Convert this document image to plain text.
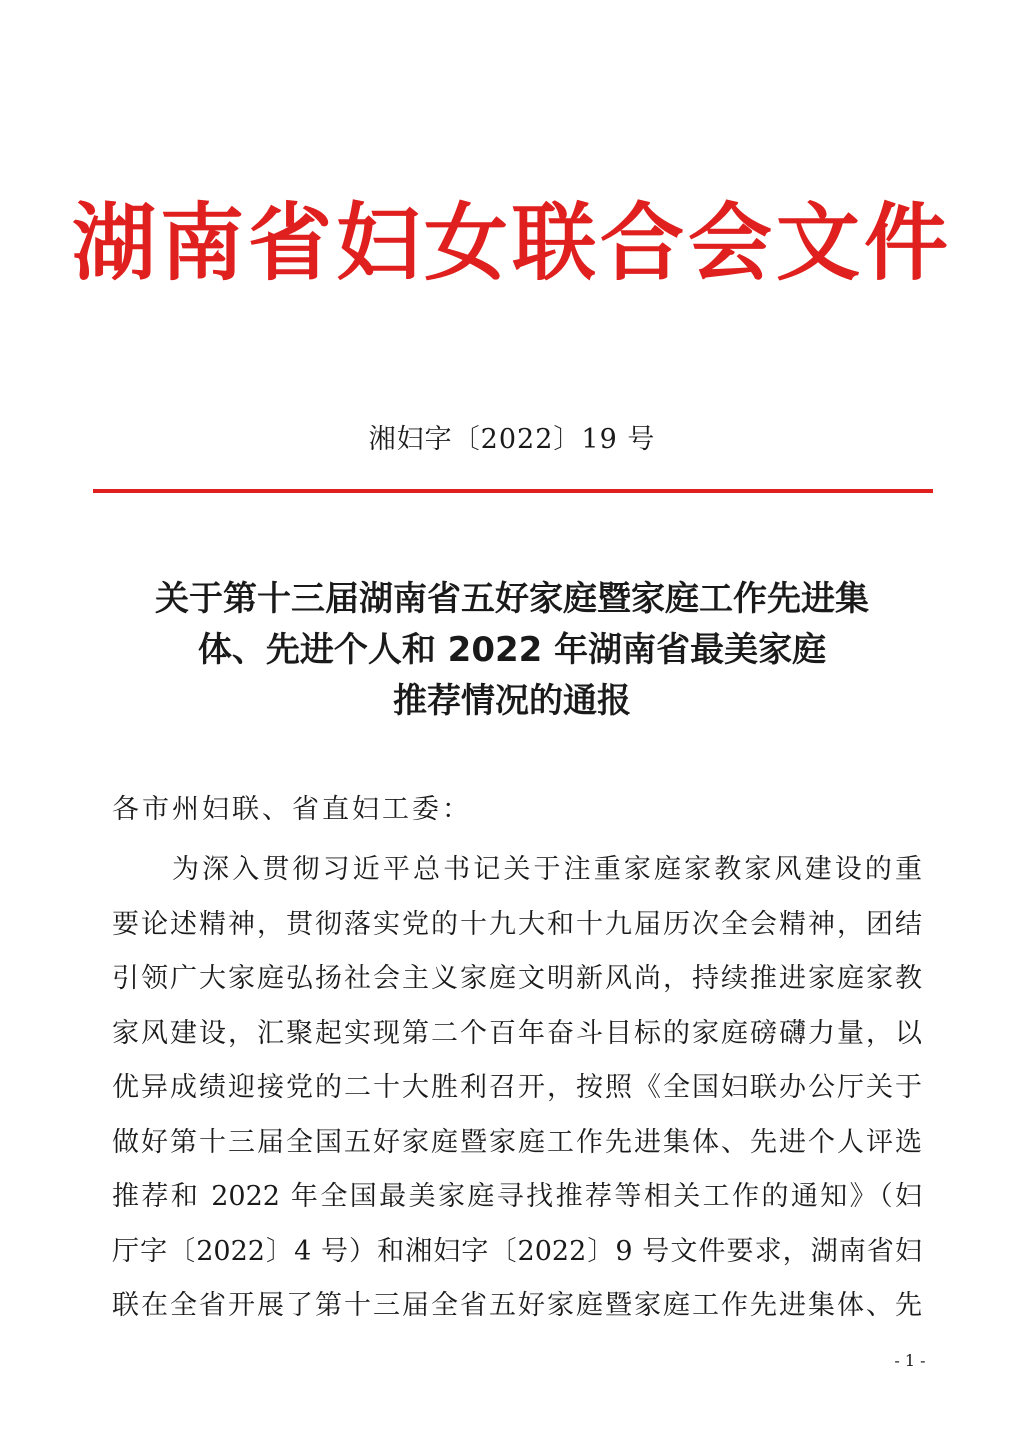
湖南省妇女联合会文件
湘妇字〔2022〕19 号
关于第十三届湖南省五好家庭暨家庭工作先进集
体、先进个人和 2022 年湖南省最美家庭
推荐情况的通报
各市州妇联、省直妇工委：
为深入贯彻习近平总书记关于注重家庭家教家风建设的重
要论述精神，贯彻落实党的十九大和十九届历次全会精神，团结
引领广大家庭弘扬社会主义家庭文明新风尚，持续推进家庭家教
家风建设，汇聚起实现第二个百年奋斗目标的家庭磅礴力量，以
优异成绩迎接党的二十大胜利召开，按照《全国妇联办公厅关于
做好第十三届全国五好家庭暨家庭工作先进集体、先进个人评选
推荐和 2022 年全国最美家庭寻找推荐等相关工作的通知》（妇
厅字〔2022〕4 号）和湘妇字〔2022〕9 号文件要求，湖南省妇
联在全省开展了第十三届全省五好家庭暨家庭工作先进集体、先
- 1 -
